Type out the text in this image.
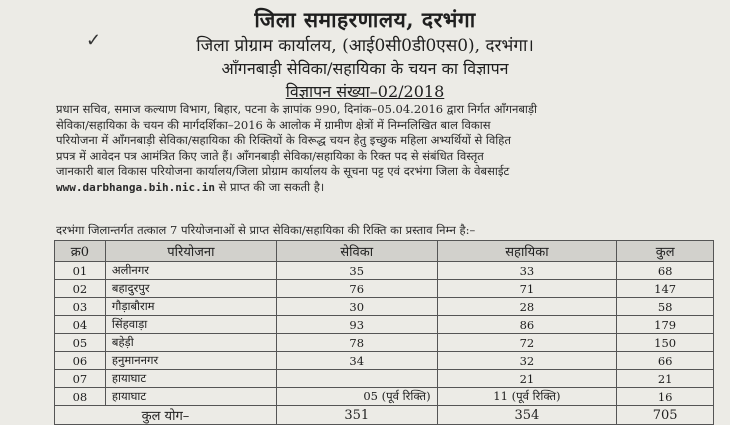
✓
जिला समाहरणालय, दरभंगा
जिला प्रोग्राम कार्यालय, (आई0सी0डी0एस0), दरभंगा।
आँगनबाड़ी सेविका/सहायिका के चयन का विज्ञापन
विज्ञापन संख्या–02/2018
प्रधान सचिव, समाज कल्याण विभाग, बिहार, पटना के ज्ञापांक 990, दिनांक–05.04.2016 द्वारा निर्गत आँगनबाड़ी
सेविका/सहायिका के चयन की मार्गदर्शिका–2016 के आलोक में ग्रामीण क्षेत्रों में निम्नलिखित बाल विकास
परियोजना में आँगनबाड़ी सेविका/सहायिका की रिक्तियों के विरूद्ध चयन हेतु इच्छुक महिला अभ्यर्थियों से विहित
प्रपत्र में आवेदन पत्र आमंत्रित किए जाते हैं। आँगनबाड़ी सेविका/सहायिका के रिक्त पद से संबंधित विस्तृत
जानकारी बाल विकास परियोजना कार्यालय/जिला प्रोग्राम कार्यालय के सूचना पट्ट एवं दरभंगा जिला के वेबसाईट
www.darbhanga.bih.nic.in से प्राप्त की जा सकती है।
दरभंगा जिलान्तर्गत तत्काल 7 परियोजनाओं से प्राप्त सेविका/सहायिका की रिक्ति का प्रस्ताव निम्न है:–
क्र0	परियोजना	सेविका	सहायिका	कुल
01	अलीनगर	35	33	68
02	बहादुरपुर	76	71	147
03	गौड़ाबौराम	30	28	58
04	सिंहवाड़ा	93	86	179
05	बहेड़ी	78	72	150
06	हनुमाननगर	34	32	66
07	हायाघाट		21	21
08	हायाघाट	05 (पूर्व रिक्ति)	11 (पूर्व रिक्ति)	16
कुल योग–		351	354	705
